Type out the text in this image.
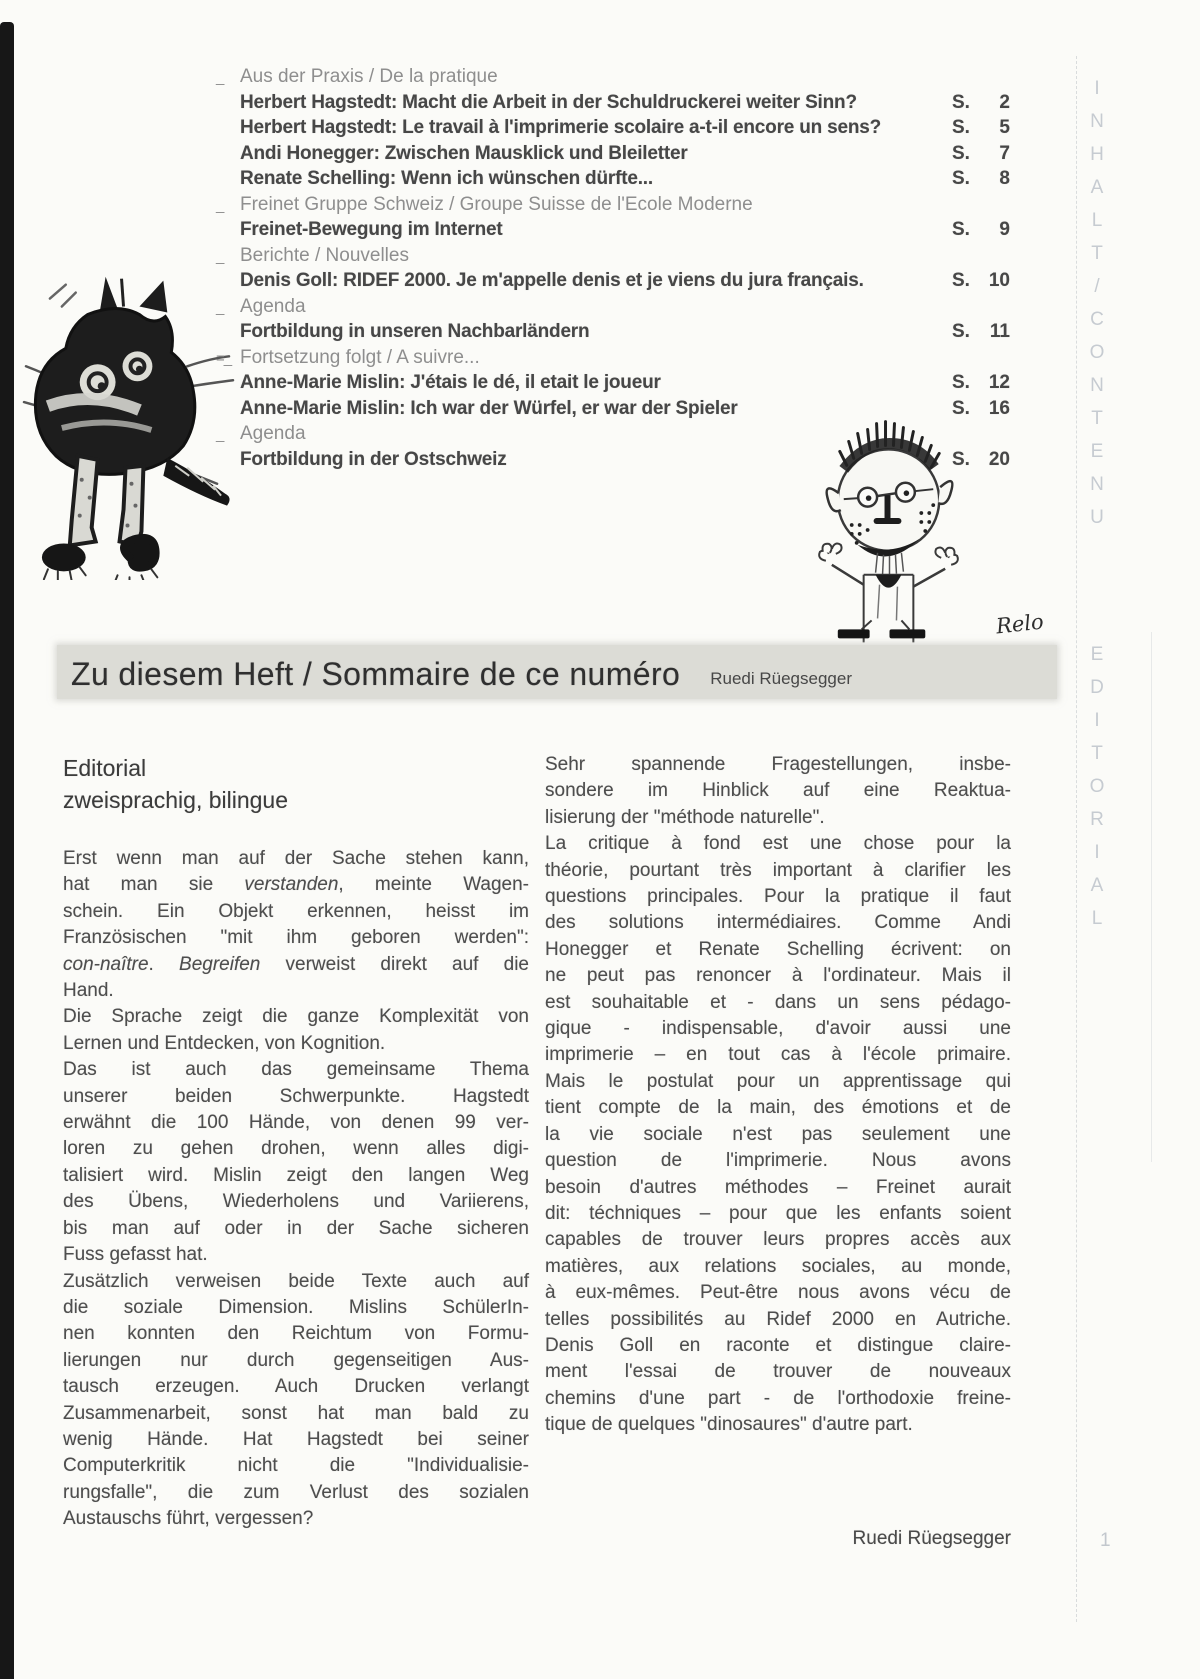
I
N
H
A
L
T
/
C
O
N
T
E
N
U
E
D
I
T
O
R
I
A
L
_ Aus der Praxis / De la pratique
Herbert Hagstedt: Macht die Arbeit in der Schuldruckerei weiter Sinn?	S. 2
Herbert Hagstedt: Le travail à l'imprimerie scolaire a-t-il encore un sens?	S. 5
Andi Honegger: Zwischen Mausklick und Bleiletter	S. 7
Renate Schelling: Wenn ich wünschen dürfte...	S. 8
_ Freinet Gruppe Schweiz / Groupe Suisse de l'Ecole Moderne
Freinet-Bewegung im Internet	S. 9
_ Berichte / Nouvelles
Denis Goll: RIDEF 2000. Je m'appelle denis et je viens du jura français.	S. 10
_ Agenda
Fortbildung in unseren Nachbarländern	S. 11
=_ Fortsetzung folgt / A suivre...
Anne-Marie Mislin: J'étais le dé, il etait le joueur	S. 12
Anne-Marie Mislin: Ich war der Würfel, er war der Spieler	S. 16
_ Agenda
Fortbildung in der Ostschweiz	S. 20
Relo
Zu diesem Heft / Sommaire de ce numéro Ruedi Rüegsegger
Editorial
zweisprachig, bilingue
Erst wenn man auf der Sache stehen kann,
hat man sie verstanden, meinte Wagen-
schein. Ein Objekt erkennen, heisst im
Französischen "mit ihm geboren werden":
con-naître. Begreifen verweist direkt auf die
Hand.
Die Sprache zeigt die ganze Komplexität von
Lernen und Entdecken, von Kognition.
Das ist auch das gemeinsame Thema
unserer beiden Schwerpunkte. Hagstedt
erwähnt die 100 Hände, von denen 99 ver-
loren zu gehen drohen, wenn alles digi-
talisiert wird. Mislin zeigt den langen Weg
des Übens, Wiederholens und Variierens,
bis man auf oder in der Sache sicheren
Fuss gefasst hat.
Zusätzlich verweisen beide Texte auch auf
die soziale Dimension. Mislins SchülerIn-
nen konnten den Reichtum von Formu-
lierungen nur durch gegenseitigen Aus-
tausch erzeugen. Auch Drucken verlangt
Zusammenarbeit, sonst hat man bald zu
wenig Hände. Hat Hagstedt bei seiner
Computerkritik nicht die "Individualisie-
rungsfalle", die zum Verlust des sozialen
Austauschs führt, vergessen?
Sehr spannende Fragestellungen, insbe-
sondere im Hinblick auf eine Reaktua-
lisierung der "méthode naturelle".
La critique à fond est une chose pour la
théorie, pourtant très important à clarifier les
questions principales. Pour la pratique il faut
des solutions intermédiaires. Comme Andi
Honegger et Renate Schelling écrivent: on
ne peut pas renoncer à l'ordinateur. Mais il
est souhaitable et - dans un sens pédago-
gique - indispensable, d'avoir aussi une
imprimerie – en tout cas à l'école primaire.
Mais le postulat pour un apprentissage qui
tient compte de la main, des émotions et de
la vie sociale n'est pas seulement une
question de l'imprimerie. Nous avons
besoin d'autres méthodes – Freinet aurait
dit: téchniques – pour que les enfants soient
capables de trouver leurs propres accès aux
matières, aux relations sociales, au monde,
à eux-mêmes. Peut-être nous avons vécu de
telles possibilités au Ridef 2000 en Autriche.
Denis Goll en raconte et distingue claire-
ment l'essai de trouver de nouveaux
chemins d'une part - de l'orthodoxie freine-
tique de quelques "dinosaures" d'autre part.
Ruedi Rüegsegger	1
